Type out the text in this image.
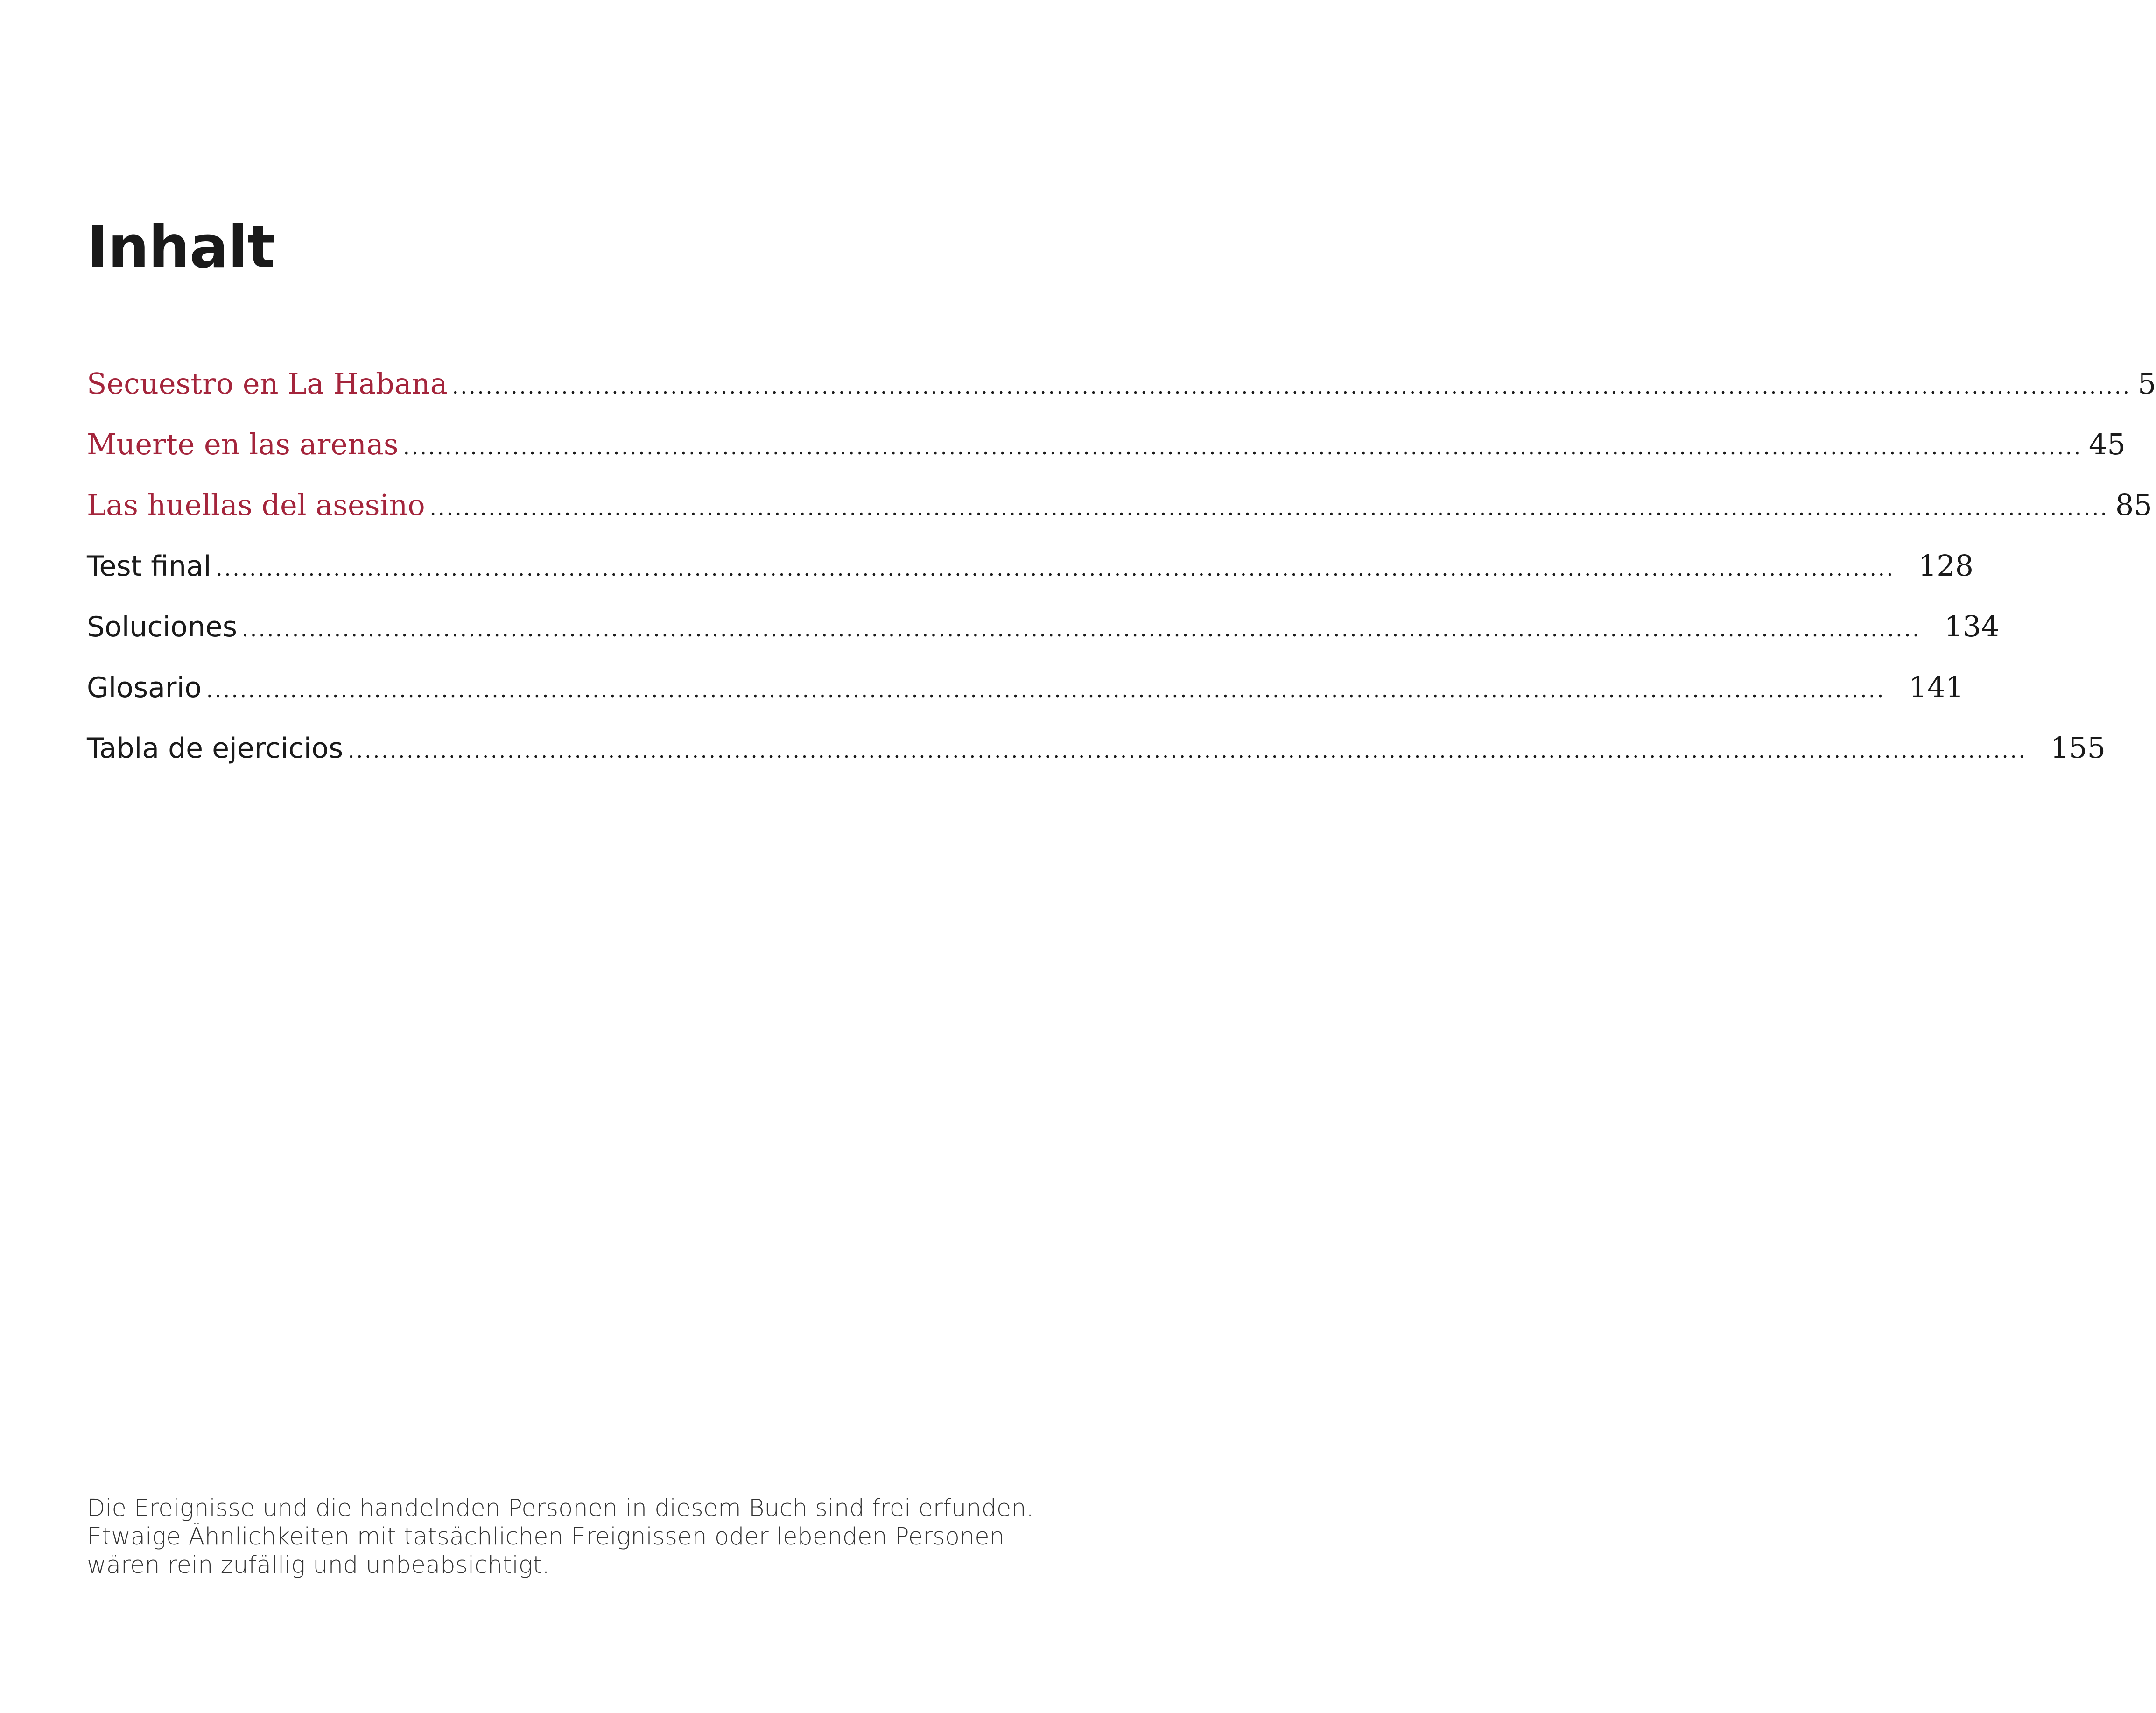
Inhalt
Secuestro en La Habana ........................................................................................................................................................................................................ 5
Muerte en las arenas ........................................................................................................................................................................................................ 45
Las huellas del asesino ........................................................................................................................................................................................................ 85
Test final ........................................................................................................................................................................................................ 128
Soluciones ........................................................................................................................................................................................................ 134
Glosario ........................................................................................................................................................................................................ 141
Tabla de ejercicios ........................................................................................................................................................................................................ 155

Die Ereignisse und die handelnden Personen in diesem Buch sind frei erfunden. Etwaige Ähnlichkeiten mit tatsächlichen Ereignissen oder lebenden Personen wären rein zufällig und unbeabsichtigt.
